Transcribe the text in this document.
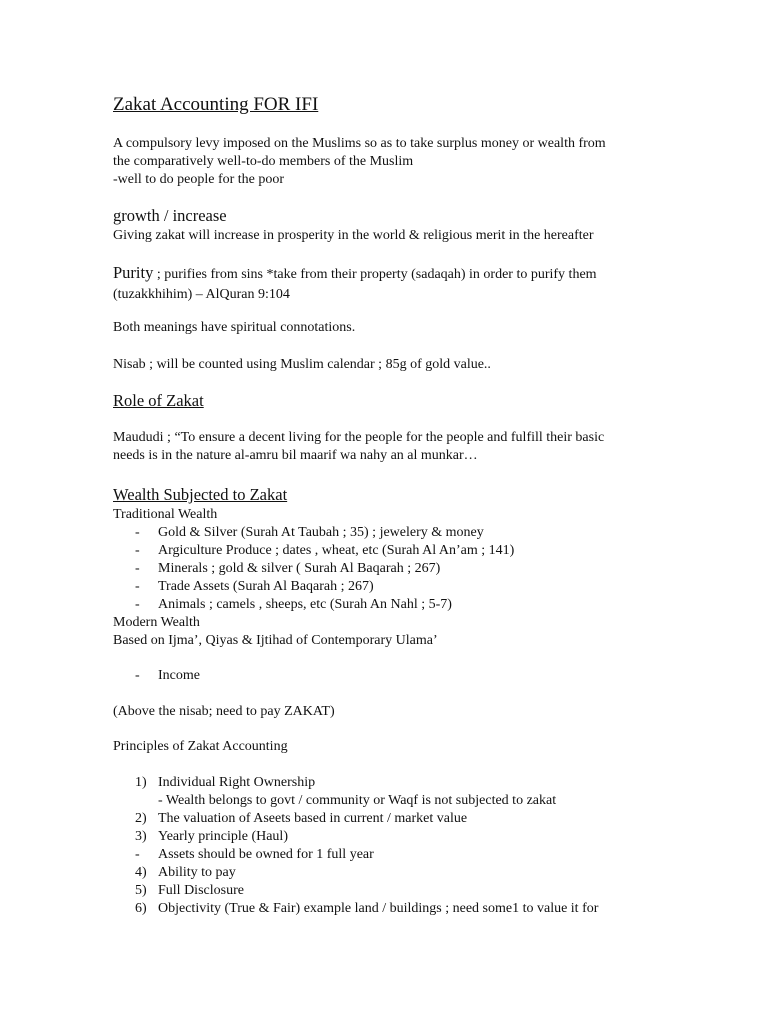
Zakat Accounting FOR IFI
A compulsory levy imposed on the Muslims so as to take surplus money or wealth from
the comparatively well-to-do members of the Muslim
-well to do people for the poor
growth / increase
Giving zakat will increase in prosperity in the world & religious merit in the hereafter
Purity ; purifies from sins *take from their property (sadaqah) in order to purify them
(tuzakkhihim) – AlQuran 9:104
Both meanings have spiritual connotations.
Nisab ; will be counted using Muslim calendar ; 85g of gold value..
Role of Zakat
Maududi ; “To ensure a decent living for the people for the people and fulfill their basic
needs is in the nature al-amru bil maarif wa nahy an al munkar…
Wealth Subjected to Zakat
Traditional Wealth
- Gold & Silver (Surah At Taubah ; 35) ; jewelery & money
- Argiculture Produce ; dates , wheat, etc (Surah Al An’am ; 141)
- Minerals ; gold & silver ( Surah Al Baqarah ; 267)
- Trade Assets (Surah Al Baqarah ; 267)
- Animals ; camels , sheeps, etc (Surah An Nahl ; 5-7)
Modern Wealth
Based on Ijma’, Qiyas & Ijtihad of Contemporary Ulama’
- Income
(Above the nisab; need to pay ZAKAT)
Principles of Zakat Accounting
1) Individual Right Ownership
- Wealth belongs to govt / community or Waqf is not subjected to zakat
2) The valuation of Aseets based in current / market value
3) Yearly principle (Haul)
- Assets should be owned for 1 full year
4) Ability to pay
5) Full Disclosure
6) Objectivity (True & Fair) example land / buildings ; need some1 to value it for
